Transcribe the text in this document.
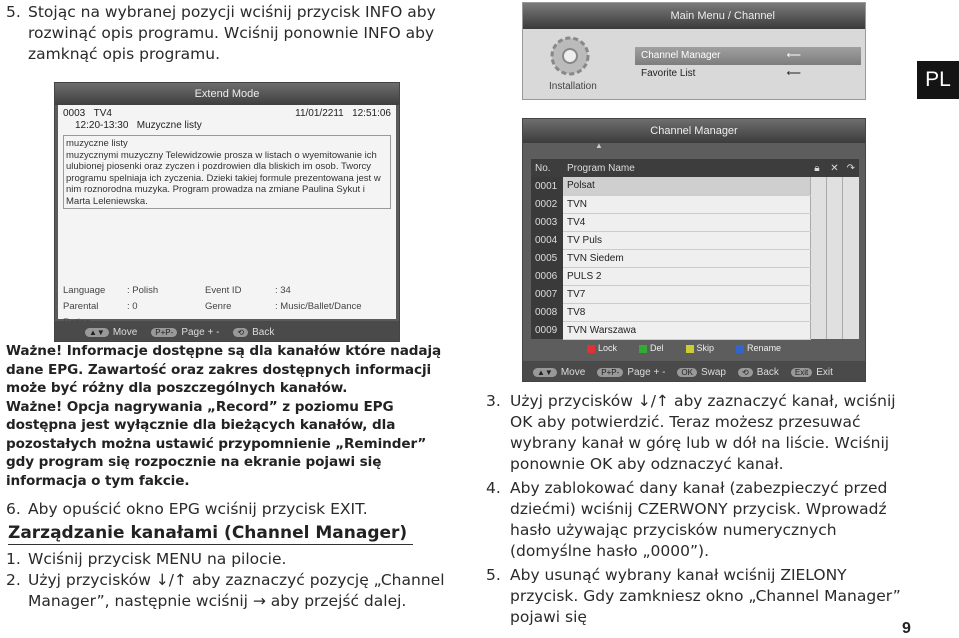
5. Stojąc na wybranej pozycji wciśnij przycisk INFO aby rozwinąć opis programu. Wciśnij ponownie INFO aby zamknąć opis programu.
Extend Mode
0003 TV4	11/01/2211 12:51:06
12:20-13:30 Muzyczne listy
muzyczne listy
muzycznymi muzyczny Telewidzowie prosza w listach o wyemitowanie ich ulubionej piosenki oraz zyczen i pozdrowien dla bliskich im osob. Tworcy programu spelniaja ich zyczenia. Dzieki takiej formule prezentowana jest w nim roznorodna muzyka. Program prowadza na zmiane Paulina Sykut i Marta Leleniewska.
Language	: Polish	Event ID	: 34
Parental	: 0	Genre	: Music/Ballet/Dance
▲▼ Move	P+P- Page + -	⟲ Back

Ważne! Informacje dostępne są dla kanałów które nadają dane EPG. Zawartość oraz zakres dostępnych informacji może być różny dla poszczególnych kanałów.

Ważne! Opcja nagrywania „Record” z poziomu EPG dostępna jest wyłącznie dla bieżących kanałów, dla pozostałych można ustawić przypomnienie „Reminder” gdy program się rozpocznie na ekranie pojawi się informacja o tym fakcie.

6. Aby opuścić okno EPG wciśnij przycisk EXIT.
Zarządzanie kanałami (Channel Manager)
1. Wciśnij przycisk MENU na pilocie.
2. Użyj przycisków ↓/↑ aby zaznaczyć pozycję „Channel Manager”, następnie wciśnij → aby przejść dalej.
Main Menu / Channel
Installation
Channel Manager	⟵
Favorite List	⟵
Channel Manager
▲
No.	Program Name	🔒︎	✕	↷
0001	Polsat			
0002	TVN			
0003	TV4			
0004	TV Puls			
0005	TVN Siedem			
0006	PULS 2			
0007	TV7			
0008	TV8			
0009	TVN Warszawa			
Lock	Del	Skip	Rename
▲▼ Move	P+P- Page + -	OK Swap	⟲ Back	Exit Exit
3. Użyj przycisków ↓/↑ aby zaznaczyć kanał, wciśnij OK aby potwierdzić. Teraz możesz przesuwać wybrany kanał w górę lub w dół na liście. Wciśnij ponownie OK aby odznaczyć kanał.
4. Aby zablokować dany kanał (zabezpieczyć przed dziećmi) wciśnij CZERWONY przycisk. Wprowadź hasło używając przycisków numerycznych (domyślne hasło „0000”).
5. Aby usunąć wybrany kanał wciśnij ZIELONY przycisk. Gdy zamkniesz okno „Channel Manager” pojawi się
PL
9
